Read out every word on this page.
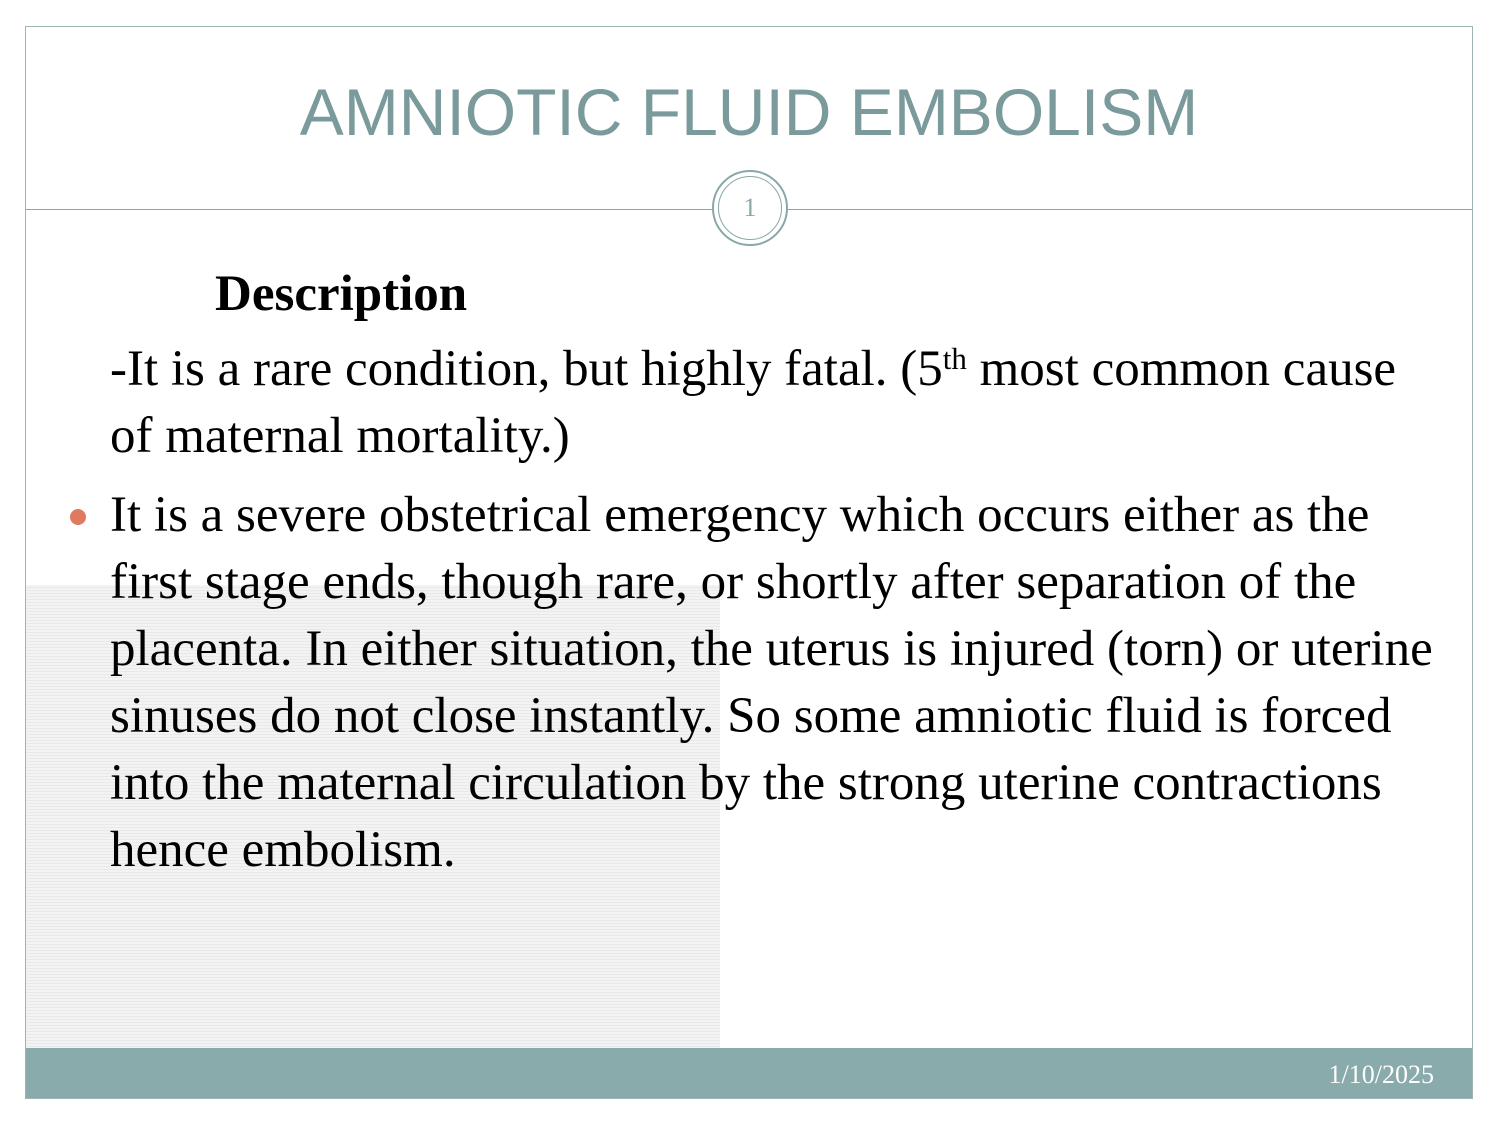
AMNIOTIC FLUID EMBOLISM
1
Description

-It is a rare condition, but highly fatal. (5th most common cause of maternal mortality.)

It is a severe obstetrical emergency which occurs either as the first stage ends, though rare, or shortly after separation of the placenta. In either situation, the uterus is injured (torn) or uterine sinuses do not close instantly. So some amniotic fluid is forced into the maternal circulation by the strong uterine contractions hence embolism.
1/10/2025
